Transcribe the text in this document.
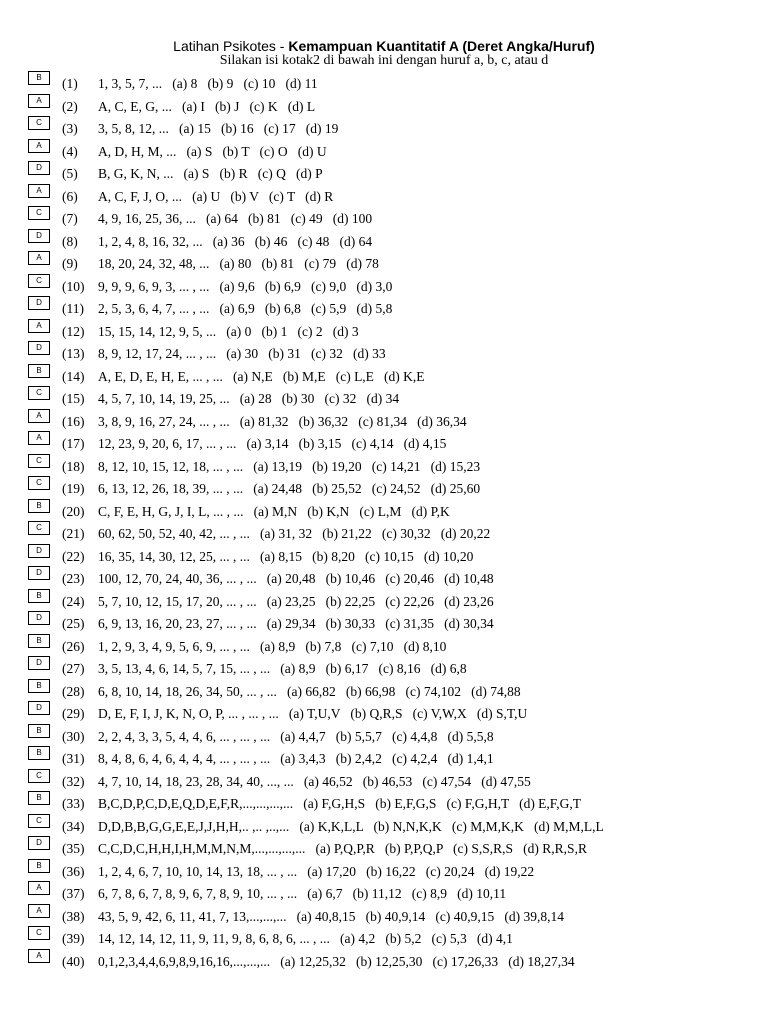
Latihan Psikotes - Kemampuan Kuantitatif A (Deret Angka/Huruf)
Silakan isi kotak2 di bawah ini dengan huruf a, b, c, atau d
B	(1) 1, 3, 5, 7, ...   (a) 8   (b) 9   (c) 10   (d) 11
A	(2) A, C, E, G, ...   (a) I   (b) J   (c) K   (d) L
C	(3) 3, 5, 8, 12, ...   (a) 15   (b) 16   (c) 17   (d) 19
A	(4) A, D, H, M, ...   (a) S   (b) T   (c) O   (d) U
D	(5) B, G, K, N, ...   (a) S   (b) R   (c) Q   (d) P
A	(6) A, C, F, J, O, ...   (a) U   (b) V   (c) T   (d) R
C	(7) 4, 9, 16, 25, 36, ...   (a) 64   (b) 81   (c) 49   (d) 100
D	(8) 1, 2, 4, 8, 16, 32, ...   (a) 36   (b) 46   (c) 48   (d) 64
A	(9) 18, 20, 24, 32, 48, ...   (a) 80   (b) 81   (c) 79   (d) 78
C	(10) 9, 9, 9, 6, 9, 3, ... , ...   (a) 9,6   (b) 6,9   (c) 9,0   (d) 3,0
D	(11) 2, 5, 3, 6, 4, 7, ... , ...   (a) 6,9   (b) 6,8   (c) 5,9   (d) 5,8
A	(12) 15, 15, 14, 12, 9, 5, ...   (a) 0   (b) 1   (c) 2   (d) 3
D	(13) 8, 9, 12, 17, 24, ... , ...   (a) 30   (b) 31   (c) 32   (d) 33
B	(14) A, E, D, E, H, E, ... , ...   (a) N,E   (b) M,E   (c) L,E   (d) K,E
C	(15) 4, 5, 7, 10, 14, 19, 25, ...   (a) 28   (b) 30   (c) 32   (d) 34
A	(16) 3, 8, 9, 16, 27, 24, ... , ...   (a) 81,32   (b) 36,32   (c) 81,34   (d) 36,34
A	(17) 12, 23, 9, 20, 6, 17, ... , ...   (a) 3,14   (b) 3,15   (c) 4,14   (d) 4,15
C	(18) 8, 12, 10, 15, 12, 18, ... , ...   (a) 13,19   (b) 19,20   (c) 14,21   (d) 15,23
C	(19) 6, 13, 12, 26, 18, 39, ... , ...   (a) 24,48   (b) 25,52   (c) 24,52   (d) 25,60
B	(20) C, F, E, H, G, J, I, L, ... , ...   (a) M,N   (b) K,N   (c) L,M   (d) P,K
C	(21) 60, 62, 50, 52, 40, 42, ... , ...   (a) 31, 32   (b) 21,22   (c) 30,32   (d) 20,22
D	(22) 16, 35, 14, 30, 12, 25, ... , ...   (a) 8,15   (b) 8,20   (c) 10,15   (d) 10,20
D	(23) 100, 12, 70, 24, 40, 36, ... , ...   (a) 20,48   (b) 10,46   (c) 20,46   (d) 10,48
B	(24) 5, 7, 10, 12, 15, 17, 20, ... , ...   (a) 23,25   (b) 22,25   (c) 22,26   (d) 23,26
D	(25) 6, 9, 13, 16, 20, 23, 27, ... , ...   (a) 29,34   (b) 30,33   (c) 31,35   (d) 30,34
B	(26) 1, 2, 9, 3, 4, 9, 5, 6, 9, ... , ...   (a) 8,9   (b) 7,8   (c) 7,10   (d) 8,10
D	(27) 3, 5, 13, 4, 6, 14, 5, 7, 15, ... , ...   (a) 8,9   (b) 6,17   (c) 8,16   (d) 6,8
B	(28) 6, 8, 10, 14, 18, 26, 34, 50, ... , ...   (a) 66,82   (b) 66,98   (c) 74,102   (d) 74,88
D	(29) D, E, F, I, J, K, N, O, P, ... , ... , ...   (a) T,U,V   (b) Q,R,S   (c) V,W,X   (d) S,T,U
B	(30) 2, 2, 4, 3, 3, 5, 4, 4, 6, ... , ... , ...   (a) 4,4,7   (b) 5,5,7   (c) 4,4,8   (d) 5,5,8
B	(31) 8, 4, 8, 6, 4, 6, 4, 4, 4, ... , ... , ...   (a) 3,4,3   (b) 2,4,2   (c) 4,2,4   (d) 1,4,1
C	(32) 4, 7, 10, 14, 18, 23, 28, 34, 40, ..., ...   (a) 46,52   (b) 46,53   (c) 47,54   (d) 47,55
B	(33) B,C,D,P,C,D,E,Q,D,E,F,R,...,...,...,...   (a) F,G,H,S   (b) E,F,G,S   (c) F,G,H,T   (d) E,F,G,T
C	(34) D,D,B,B,G,G,E,E,J,J,H,H,.. ,.. ,..,...   (a) K,K,L,L   (b) N,N,K,K   (c) M,M,K,K   (d) M,M,L,L
D	(35) C,C,D,C,H,H,I,H,M,M,N,M,...,...,...,...   (a) P,Q,P,R   (b) P,P,Q,P   (c) S,S,R,S   (d) R,R,S,R
B	(36) 1, 2, 4, 6, 7, 10, 10, 14, 13, 18, ... , ...   (a) 17,20   (b) 16,22   (c) 20,24   (d) 19,22
A	(37) 6, 7, 8, 6, 7, 8, 9, 6, 7, 8, 9, 10, ... , ...   (a) 6,7   (b) 11,12   (c) 8,9   (d) 10,11
A	(38) 43, 5, 9, 42, 6, 11, 41, 7, 13,...,...,...   (a) 40,8,15   (b) 40,9,14   (c) 40,9,15   (d) 39,8,14
C	(39) 14, 12, 14, 12, 11, 9, 11, 9, 8, 6, 8, 6, ... , ...   (a) 4,2   (b) 5,2   (c) 5,3   (d) 4,1
A	(40) 0,1,2,3,4,4,6,9,8,9,16,16,...,...,...   (a) 12,25,32   (b) 12,25,30   (c) 17,26,33   (d) 18,27,34
